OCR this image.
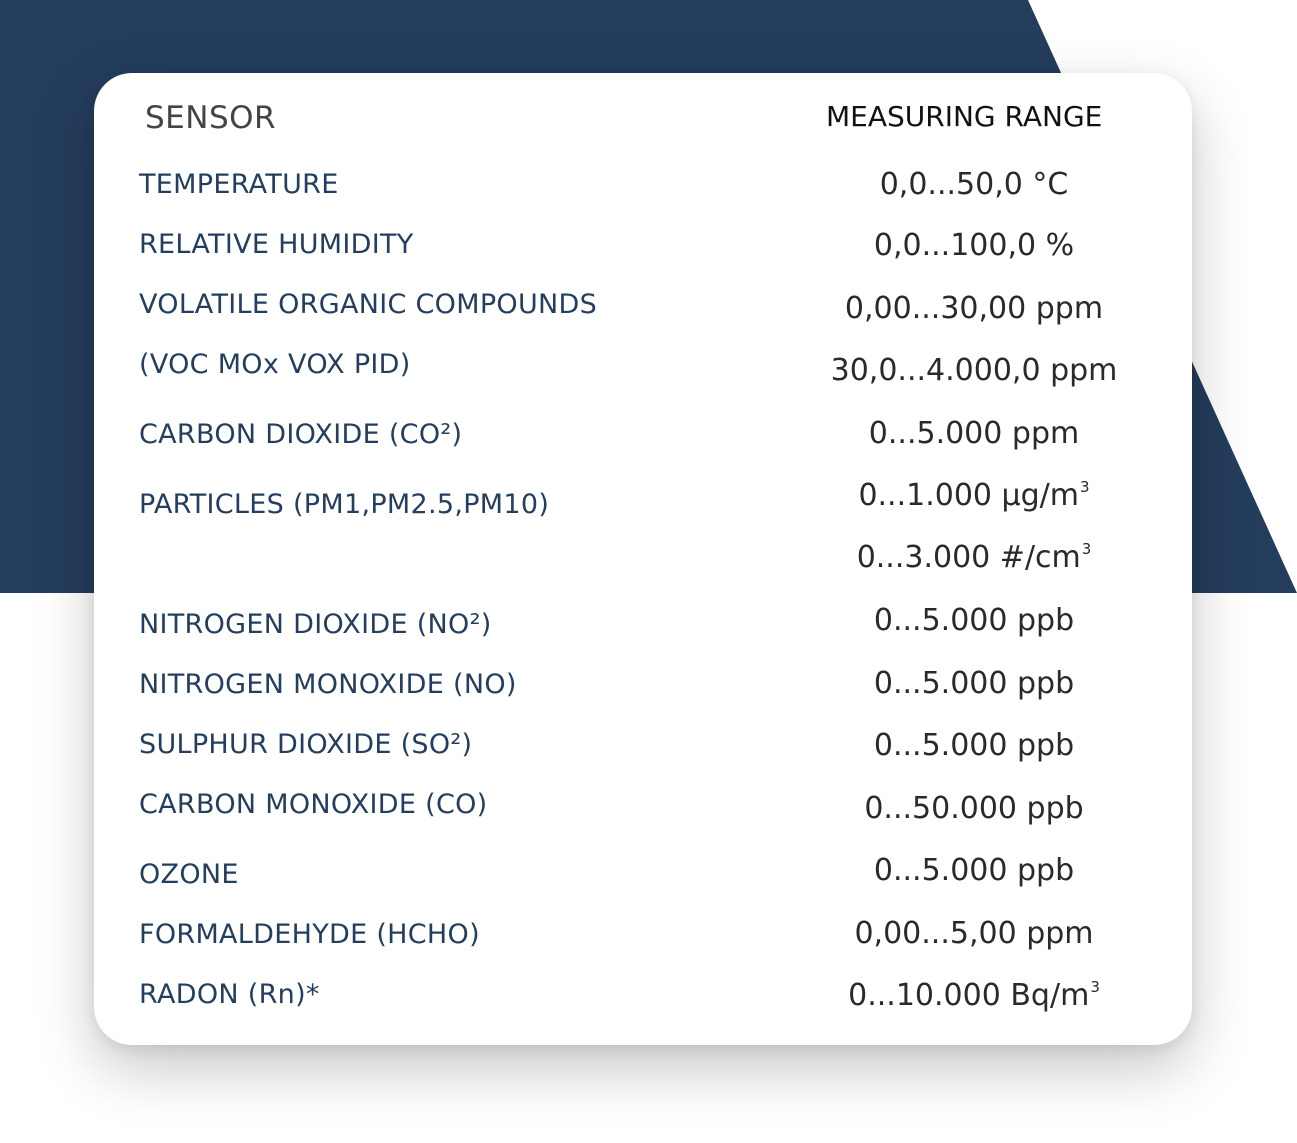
SENSOR	MEASURING RANGE
TEMPERATURE	0,0...50,0 °C
RELATIVE HUMIDITY	0,0...100,0 %
VOLATILE ORGANIC COMPOUNDS	0,00...30,00 ppm
(VOC MOx VOX PID)	30,0...4.000,0 ppm
CARBON DIOXIDE (CO²)	0...5.000 ppm
PARTICLES (PM1,PM2.5,PM10)	0...1.000 $\mu g/m^3$
0...3.000 $\#/cm^3$
NITROGEN DIOXIDE (NO²)	0...5.000 ppb
NITROGEN MONOXIDE (NO)	0...5.000 ppb
SULPHUR DIOXIDE (SO²)	0...5.000 ppb
CARBON MONOXIDE (CO)	0...50.000 ppb
OZONE	0...5.000 ppb
FORMALDEHYDE (HCHO)	0,00...5,00 ppm
RADON (Rn)*	0...10.000 $Bq/m^3$
